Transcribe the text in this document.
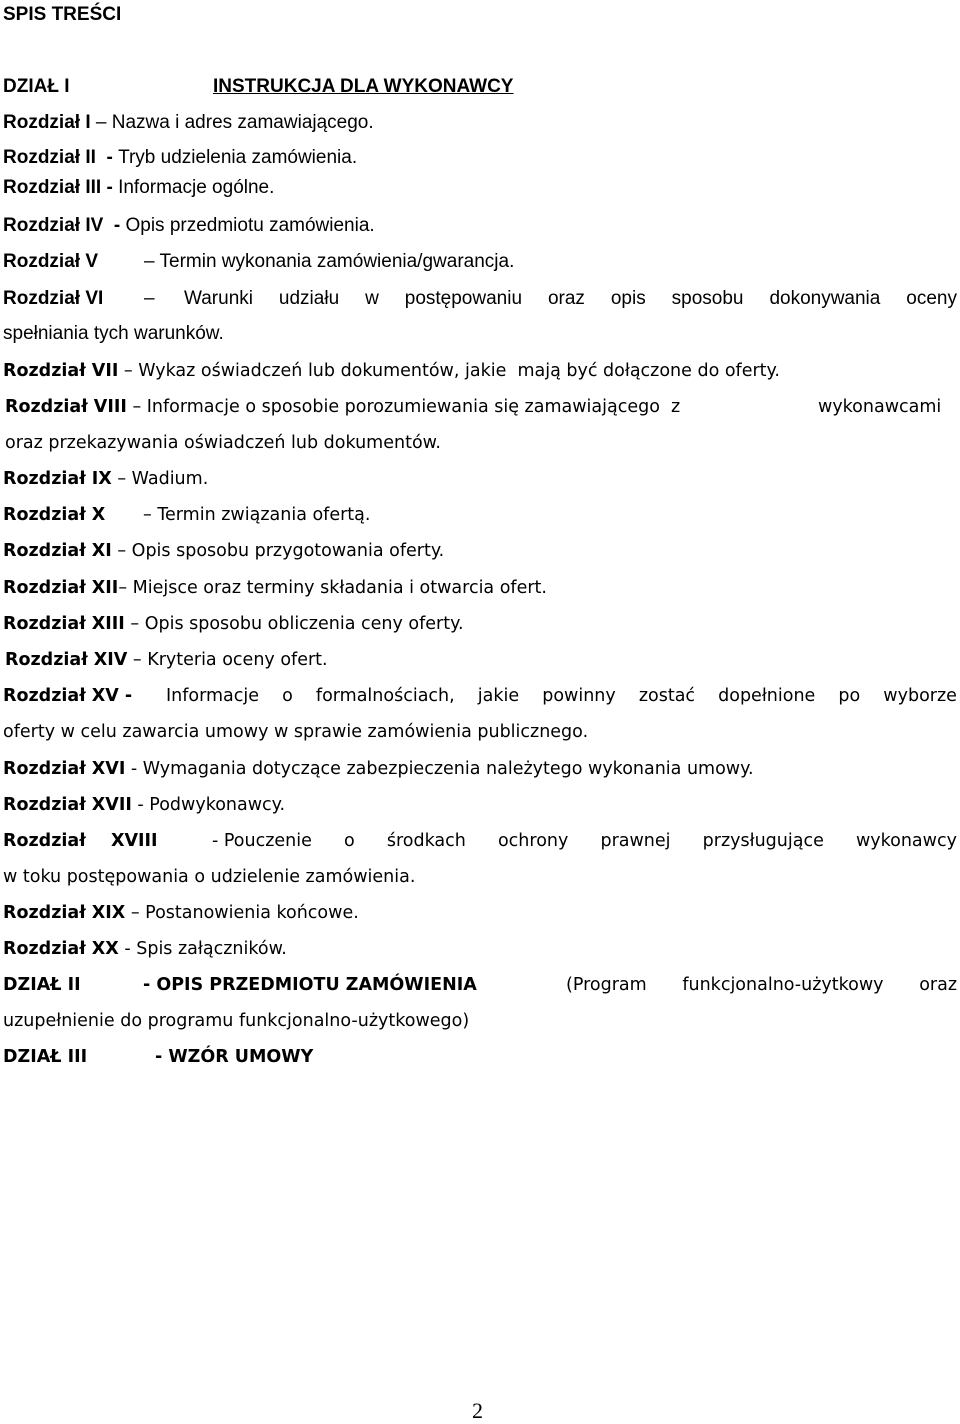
SPIS TREŚCI
DZIAŁ I	INSTRUKCJA DLA WYKONAWCY
Rozdział I – Nazwa i adres zamawiającego.
Rozdział II  - Tryb udzielenia zamówienia.
Rozdział III - Informacje ogólne.
Rozdział IV  - Opis przedmiotu zamówienia.
Rozdział V – Termin wykonania zamówienia/gwarancja.
Rozdział VI – Warunki udziału w postępowaniu oraz opis sposobu dokonywania oceny
spełniania tych warunków.
Rozdział VII – Wykaz oświadczeń lub dokumentów, jakie  mają być dołączone do oferty.
Rozdział VIII – Informacje o sposobie porozumiewania się zamawiającego  z	wykonawcami
oraz przekazywania oświadczeń lub dokumentów.
Rozdział IX – Wadium.
Rozdział X – Termin związania ofertą.
Rozdział XI – Opis sposobu przygotowania oferty.
Rozdział XII– Miejsce oraz terminy składania i otwarcia ofert.
Rozdział XIII – Opis sposobu obliczenia ceny oferty.
Rozdział XIV – Kryteria oceny ofert.
Rozdział XV - Informacje o formalnościach, jakie powinny zostać dopełnione po wyborze
oferty w celu zawarcia umowy w sprawie zamówienia publicznego.
Rozdział XVI - Wymagania dotyczące zabezpieczenia należytego wykonania umowy.
Rozdział XVII - Podwykonawcy.
Rozdział XVIII	- Pouczenie o środkach ochrony prawnej przysługujące wykonawcy
w toku postępowania o udzielenie zamówienia.
Rozdział XIX – Postanowienia końcowe.
Rozdział XX - Spis załączników.
DZIAŁ II	- OPIS PRZEDMIOTU ZAMÓWIENIA	(Program funkcjonalno-użytkowy oraz
uzupełnienie do programu funkcjonalno-użytkowego)
DZIAŁ III	- WZÓR UMOWY
2
